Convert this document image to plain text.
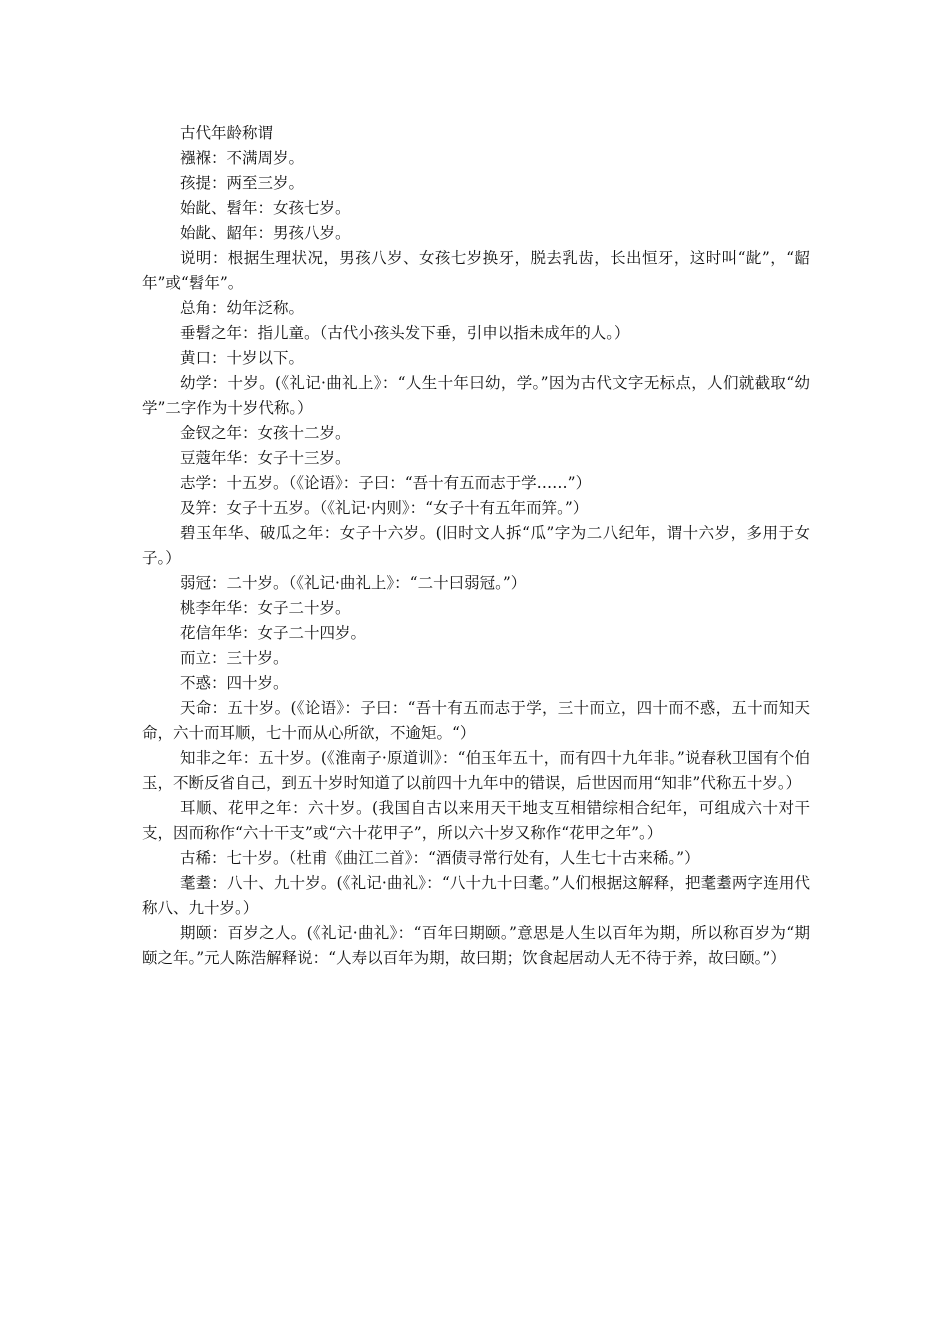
古代年龄称谓

襁褓：不满周岁。

孩提：两至三岁。

始龀、髫年：女孩七岁。

始龀、龆年：男孩八岁。

说明：根据生理状况，男孩八岁、女孩七岁换牙，脱去乳齿，长出恒牙，这时叫“龀”，“龆年”或“髫年”。

总角：幼年泛称。

垂髫之年：指儿童。（古代小孩头发下垂，引申以指未成年的人。）

黄口：十岁以下。

幼学：十岁。(《礼记·曲礼上》：“人生十年曰幼，学。”因为古代文字无标点，人们就截取“幼学”二字作为十岁代称。）

金钗之年：女孩十二岁。

豆蔻年华：女子十三岁。

志学：十五岁。（《论语》：子曰：“吾十有五而志于学……”）

及笄：女子十五岁。（《礼记·内则》：“女子十有五年而笄。”）

碧玉年华、破瓜之年：女子十六岁。(旧时文人拆“瓜”字为二八纪年，谓十六岁，多用于女子。）

弱冠：二十岁。（《礼记·曲礼上》：“二十曰弱冠。”）

桃李年华：女子二十岁。

花信年华：女子二十四岁。

而立：三十岁。

不惑：四十岁。

天命：五十岁。(《论语》：子曰：“吾十有五而志于学，三十而立，四十而不惑，五十而知天命，六十而耳顺，七十而从心所欲，不逾矩。“）

知非之年：五十岁。(《淮南子·原道训》：“伯玉年五十，而有四十九年非。”说春秋卫国有个伯玉，不断反省自己，到五十岁时知道了以前四十九年中的错误，后世因而用“知非”代称五十岁。）

耳顺、花甲之年：六十岁。(我国自古以来用天干地支互相错综相合纪年，可组成六十对干支，因而称作“六十干支”或“六十花甲子”，所以六十岁又称作“花甲之年”。）

古稀：七十岁。（杜甫《曲江二首》：“酒债寻常行处有，人生七十古来稀。”）

耄耋：八十、九十岁。(《礼记·曲礼》：“八十九十曰耄。”人们根据这解释，把耄耋两字连用代称八、九十岁。）

期颐：百岁之人。(《礼记·曲礼》：“百年曰期颐。”意思是人生以百年为期，所以称百岁为“期颐之年。”元人陈浩解释说：“人寿以百年为期，故曰期；饮食起居动人无不待于养，故曰颐。”）
